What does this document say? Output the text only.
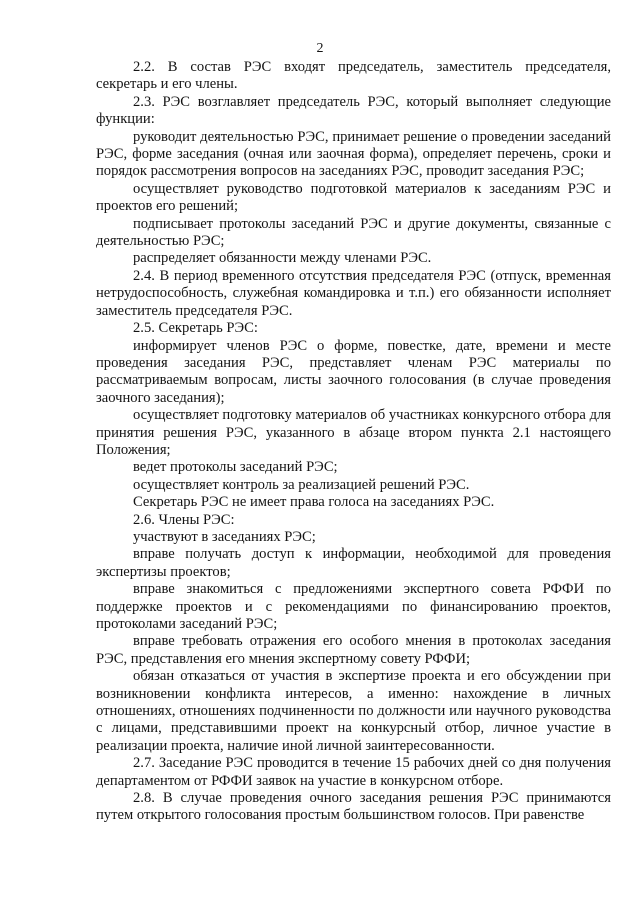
2

2.2. В состав РЭС входят председатель, заместитель председателя, секретарь и его члены.

2.3. РЭС возглавляет председатель РЭС, который выполняет следующие функции:

руководит деятельностью РЭС, принимает решение о проведении заседаний РЭС, форме заседания (очная или заочная форма), определяет перечень, сроки и порядок рассмотрения вопросов на заседаниях РЭС, проводит заседания РЭС;

осуществляет руководство подготовкой материалов к заседаниям РЭС и проектов его решений;

подписывает протоколы заседаний РЭС и другие документы, связанные с деятельностью РЭС;

распределяет обязанности между членами РЭС.

2.4. В период временного отсутствия председателя РЭС (отпуск, временная нетрудоспособность, служебная командировка и т.п.) его обязанности исполняет заместитель председателя РЭС.

2.5. Секретарь РЭС:

информирует членов РЭС о форме, повестке, дате, времени и месте проведения заседания РЭС, представляет членам РЭС материалы по рассматриваемым вопросам, листы заочного голосования (в случае проведения заочного заседания);

осуществляет подготовку материалов об участниках конкурсного отбора для принятия решения РЭС, указанного в абзаце втором пункта 2.1 настоящего Положения;

ведет протоколы заседаний РЭС;

осуществляет контроль за реализацией решений РЭС.

Секретарь РЭС не имеет права голоса на заседаниях РЭС.

2.6. Члены РЭС:

участвуют в заседаниях РЭС;

вправе получать доступ к информации, необходимой для проведения экспертизы проектов;

вправе знакомиться с предложениями экспертного совета РФФИ по поддержке проектов и с рекомендациями по финансированию проектов, протоколами заседаний РЭС;

вправе требовать отражения его особого мнения в протоколах заседания РЭС, представления его мнения экспертному совету РФФИ;

обязан отказаться от участия в экспертизе проекта и его обсуждении при возникновении конфликта интересов, а именно: нахождение в личных отношениях, отношениях подчиненности по должности или научного руководства с лицами, представившими проект на конкурсный отбор, личное участие в реализации проекта, наличие иной личной заинтересованности.

2.7. Заседание РЭС проводится в течение 15 рабочих дней со дня получения департаментом от РФФИ заявок на участие в конкурсном отборе.

2.8. В случае проведения очного заседания решения РЭС принимаются путем открытого голосования простым большинством голосов. При равенстве
